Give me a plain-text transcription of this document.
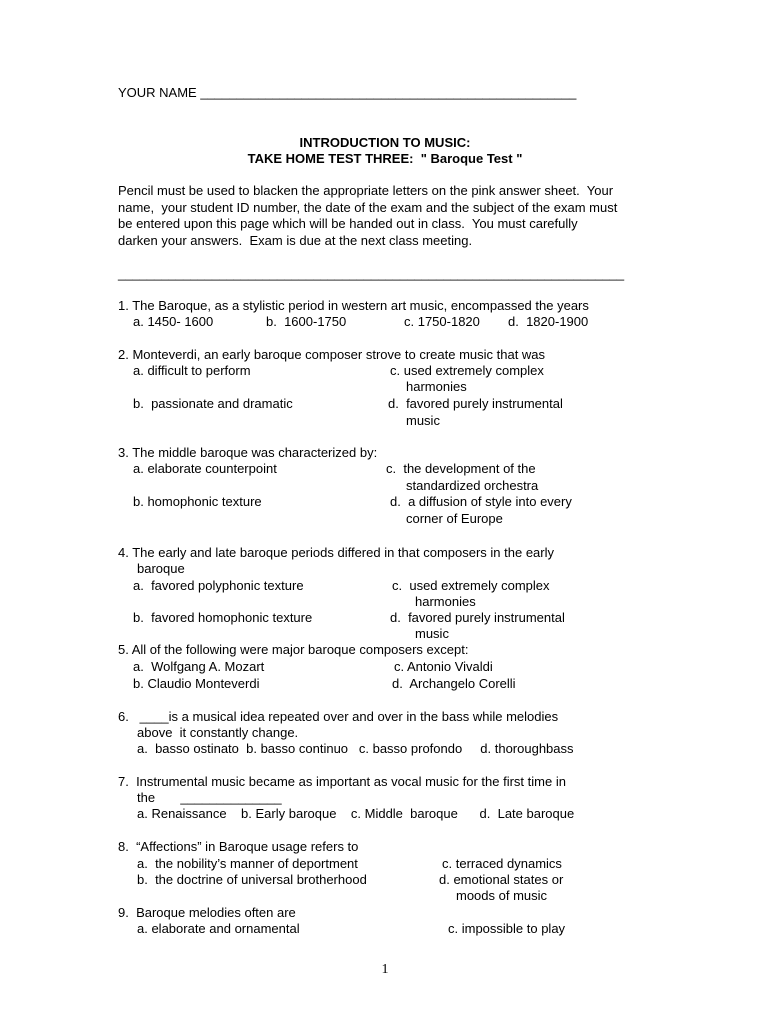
YOUR NAME ____________________________________________________
INTRODUCTION TO MUSIC:
TAKE HOME TEST THREE:  " Baroque Test "
Pencil must be used to blacken the appropriate letters on the pink answer sheet.  Your
name,  your student ID number, the date of the exam and the subject of the exam must
be entered upon this page which will be handed out in class.  You must carefully
darken your answers.  Exam is due at the next class meeting.
______________________________________________________________________
1. The Baroque, as a stylistic period in western art music, encompassed the years
a. 1450- 1600	b.  1600-1750	c. 1750-1820 d.  1820-1900
2. Monteverdi, an early baroque composer strove to create music that was
a. difficult to perform	c. used extremely complex
harmonies
b.  passionate and dramatic	d.  favored purely instrumental
music
3. The middle baroque was characterized by:
a. elaborate counterpoint	c.  the development of the
standardized orchestra
b. homophonic texture	d.  a diffusion of style into every
corner of Europe
4. The early and late baroque periods differed in that composers in the early
baroque
a.  favored polyphonic texture	c.  used extremely complex
harmonies
b.  favored homophonic texture	d.  favored purely instrumental
music
5. All of the following were major baroque composers except:
a.  Wolfgang A. Mozart	c. Antonio Vivaldi
b. Claudio Monteverdi	d.  Archangelo Corelli
6.   ____is a musical idea repeated over and over in the bass while melodies
above  it constantly change.
a.  basso ostinato  b. basso continuo   c. basso profondo     d. thoroughbass
7.  Instrumental music became as important as vocal music for the first time in
the       ______________
a. Renaissance    b. Early baroque    c. Middle  baroque      d.  Late baroque
8.  “Affections” in Baroque usage refers to
a.  the nobility’s manner of deportment	c. terraced dynamics
b.  the doctrine of universal brotherhood	d. emotional states or
moods of music
9.  Baroque melodies often are
a. elaborate and ornamental	c. impossible to play
1
